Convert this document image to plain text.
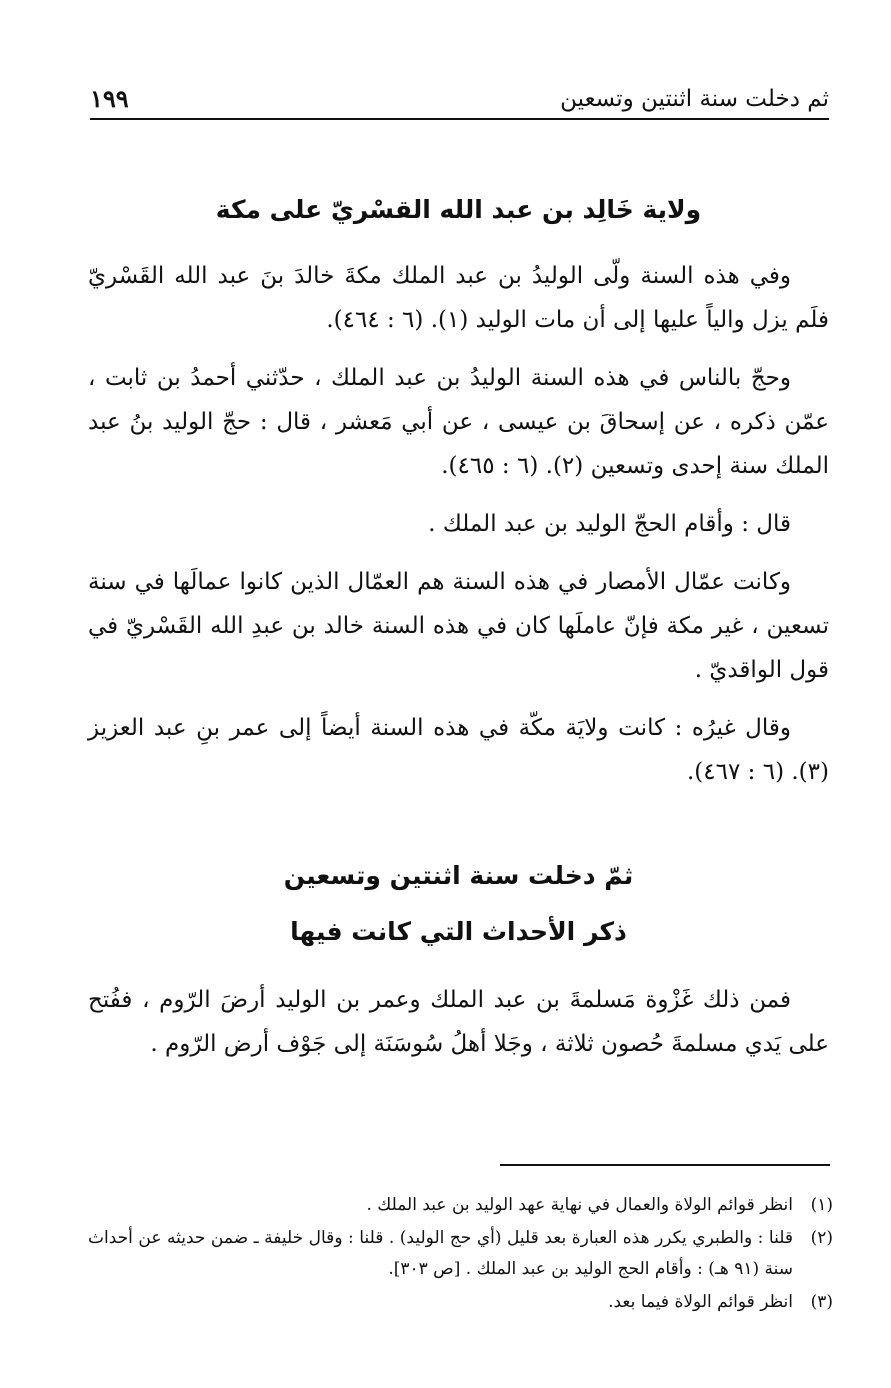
ثم دخلت سنة اثنتين وتسعين
١٩٩
ولاية خَالِد بن عبد الله القسْريّ على مكة

وفي هذه السنة ولّى الوليدُ بن عبد الملك مكةَ خالدَ بنَ عبد الله القَسْريّ فلَم يزل والياً عليها إلى أن مات الوليد (١). (٦ : ٤٦٤).

وحجّ بالناس في هذه السنة الوليدُ بن عبد الملك ، حدّثني أحمدُ بن ثابت ، عمّن ذكره ، عن إسحاقَ بن عيسى ، عن أبي مَعشر ، قال : حجّ الوليد بنُ عبد الملك سنة إحدى وتسعين (٢). (٦ : ٤٦٥).

قال : وأقام الحجّ الوليد بن عبد الملك .

وكانت عمّال الأمصار في هذه السنة هم العمّال الذين كانوا عمالَها في سنة تسعين ، غير مكة فإنّ عاملَها كان في هذه السنة خالد بن عبدِ الله القَسْريّ في قول الواقديّ .

وقال غيرُه : كانت ولايَة مكّة في هذه السنة أيضاً إلى عمر بنِ عبد العزيز (٣). (٦ : ٤٦٧).

ثمّ دخلت سنة اثنتين وتسعين
ذكر الأحداث التي كانت فيها

فمن ذلك غَزْوة مَسلمةَ بن عبد الملك وعمر بن الوليد أرضَ الرّوم ، ففُتح على يَدي مسلمةَ حُصون ثلاثة ، وجَلا أهلُ سُوسَنَة إلى جَوْف أرض الرّوم .

(١)
انظر قوائم الولاة والعمال في نهاية عهد الوليد بن عبد الملك .
(٢)
قلنا : والطبري يكرر هذه العبارة بعد قليل (أي حج الوليد) . قلنا : وقال خليفة ـ ضمن حديثه عن أحداث سنة (٩١ هـ) : وأقام الحج الوليد بن عبد الملك . [ص ٣٠٣].
(٣)
انظر قوائم الولاة فيما بعد.
